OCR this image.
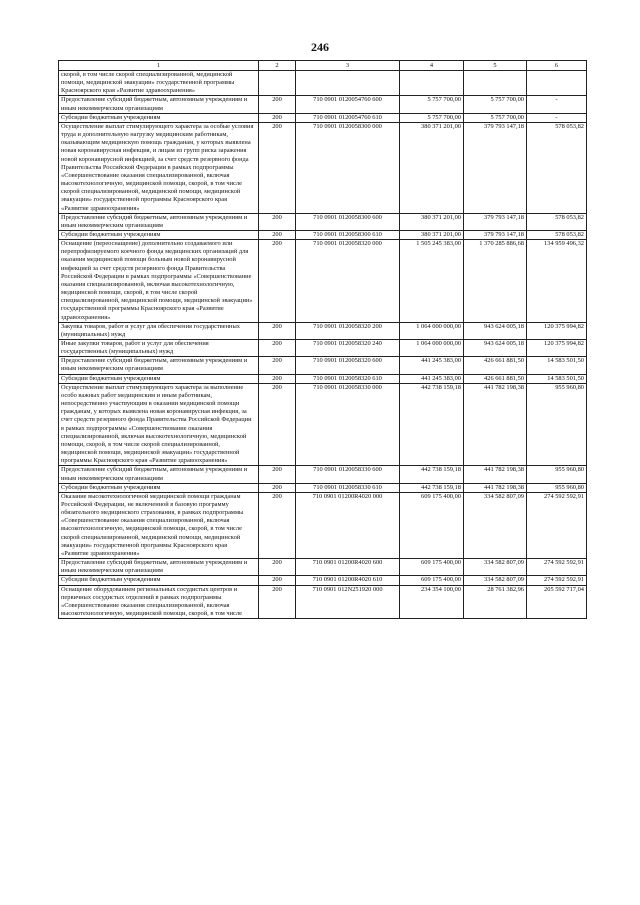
246
1	2	3	4	5	6
скорой, в том числе скорой специализированной, медицинской помощи, медицинской эвакуации» государственной программы Красноярского края «Развитие здравоохранения»					
Предоставление субсидий бюджетным, автономным учреждениям и иным некоммерческим организациям	200	710 0901 0120054760 600	5 757 700,00	5 757 700,00	-
Субсидии бюджетным учреждениям	200	710 0901 0120054760 610	5 757 700,00	5 757 700,00	-
Осуществление выплат стимулирующего характера за особые условия труда и дополнительную нагрузку медицинским работникам, оказывающим медицинскую помощь гражданам, у которых выявлена новая коронавирусная инфекция, и лицам из групп риска заражения новой коронавирусной инфекцией, за счет средств резервного фонда Правительства Российской Федерации в рамках подпрограммы «Совершенствование оказания специализированной, включая высокотехнологичную, медицинской помощи, скорой, в том числе скорой специализированной, медицинской помощи, медицинской эвакуации» государственной программы Красноярского края «Развитие здравоохранения»	200	710 0901 0120058300 000	380 371 201,00	379 793 147,18	578 053,82
Предоставление субсидий бюджетным, автономным учреждениям и иным некоммерческим организациям	200	710 0901 0120058300 600	380 371 201,00	379 793 147,18	578 053,82
Субсидии бюджетным учреждениям	200	710 0901 0120058300 610	380 371 201,00	379 793 147,18	578 053,82
Оснащение (переоснащение) дополнительно создаваемого или перепрофилируемого коечного фонда медицинских организаций для оказания медицинской помощи больным новой коронавирусной инфекцией за счет средств резервного фонда Правительства Российской Федерации в рамках подпрограммы «Совершенствование оказания специализированной, включая высокотехнологичную, медицинской помощи, скорой, в том числе скорой специализированной, медицинской помощи, медицинской эвакуации» государственной программы Красноярского края «Развитие здравоохранения»	200	710 0901 0120058320 000	1 505 245 383,00	1 370 285 886,68	134 959 496,32
Закупка товаров, работ и услуг для обеспечения государственных (муниципальных) нужд	200	710 0901 0120058320 200	1 064 000 000,00	943 624 005,18	120 375 994,82
Иные закупки товаров, работ и услуг для обеспечения государственных (муниципальных) нужд	200	710 0901 0120058320 240	1 064 000 000,00	943 624 005,18	120 375 994,82
Предоставление субсидий бюджетным, автономным учреждениям и иным некоммерческим организациям	200	710 0901 0120058320 600	441 245 383,00	426 661 881,50	14 583 501,50
Субсидии бюджетным учреждениям	200	710 0901 0120058320 610	441 245 383,00	426 661 881,50	14 583 501,50
Осуществление выплат стимулирующего характера за выполнение особо важных работ медицинским и иным работникам, непосредственно участвующим в оказании медицинской помощи гражданам, у которых выявлена новая коронавирусная инфекция, за счет средств резервного фонда Правительства Российской Федерации в рамках подпрограммы «Совершенствование оказания специализированной, включая высокотехнологичную, медицинской помощи, скорой, в том числе скорой специализированной, медицинской помощи, медицинской эвакуации» государственной программы Красноярского края «Развитие здравоохранения»	200	710 0901 0120058330 000	442 738 159,18	441 782 198,38	955 960,80
Предоставление субсидий бюджетным, автономным учреждениям и иным некоммерческим организациям	200	710 0901 0120058330 600	442 738 159,18	441 782 198,38	955 960,80
Субсидии бюджетным учреждениям	200	710 0901 0120058330 610	442 738 159,18	441 782 198,38	955 960,80
Оказание высокотехнологичной медицинской помощи гражданам Российской Федерации, не включенной в базовую программу обязательного медицинского страхования, в рамках подпрограммы «Совершенствование оказания специализированной, включая высокотехнологичную, медицинской помощи, скорой, в том числе скорой специализированной, медицинской помощи, медицинской эвакуации» государственной программы Красноярского края «Развитие здравоохранения»	200	710 0901 01200R4020 000	609 175 400,00	334 582 807,09	274 592 592,91
Предоставление субсидий бюджетным, автономным учреждениям и иным некоммерческим организациям	200	710 0901 01200R4020 600	609 175 400,00	334 582 807,09	274 592 592,91
Субсидии бюджетным учреждениям	200	710 0901 01200R4020 610	609 175 400,00	334 582 807,09	274 592 592,91
Оснащение оборудованием региональных сосудистых центров и первичных сосудистых отделений в рамках подпрограммы «Совершенствование оказания специализированной, включая высокотехнологичную, медицинской помощи, скорой, в том числе	200	710 0901 012N251920 000	234 354 100,00	28 761 382,96	205 592 717,04
